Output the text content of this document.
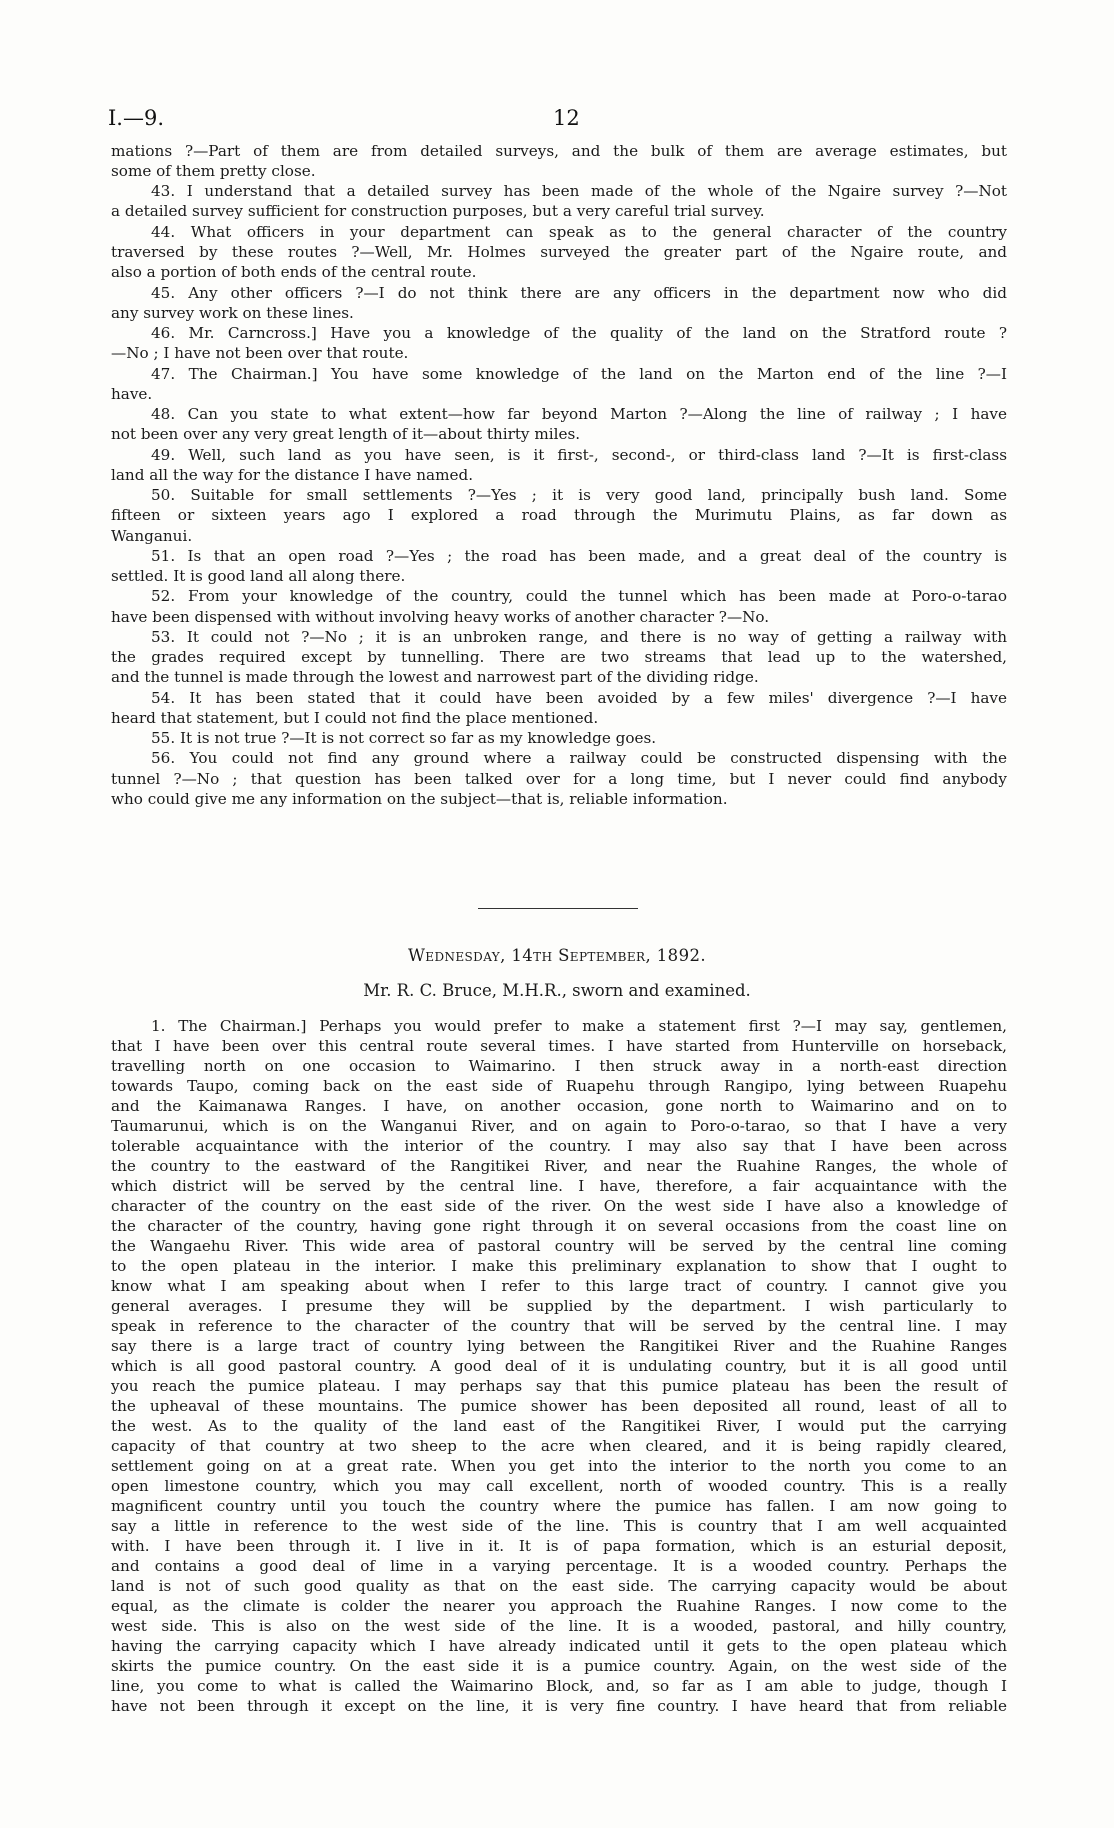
I.—9.	12
mations ?—Part of them are from detailed surveys, and the bulk of them are average estimates, but
some of them pretty close.
43. I understand that a detailed survey has been made of the whole of the Ngaire survey ?—Not
a detailed survey sufficient for construction purposes, but a very careful trial survey.
44. What officers in your department can speak as to the general character of the country
traversed by these routes ?—Well, Mr. Holmes surveyed the greater part of the Ngaire route, and
also a portion of both ends of the central route.
45. Any other officers ?—I do not think there are any officers in the department now who did
any survey work on these lines.
46. Mr. Carncross.] Have you a knowledge of the quality of the land on the Stratford route ?
—No ; I have not been over that route.
47. The Chairman.] You have some knowledge of the land on the Marton end of the line ?—I
have.
48. Can you state to what extent—how far beyond Marton ?—Along the line of railway ; I have
not been over any very great length of it—about thirty miles.
49. Well, such land as you have seen, is it first-, second-, or third-class land ?—It is first-class
land all the way for the distance I have named.
50. Suitable for small settlements ?—Yes ; it is very good land, principally bush land. Some
fifteen or sixteen years ago I explored a road through the Murimutu Plains, as far down as
Wanganui.
51. Is that an open road ?—Yes ; the road has been made, and a great deal of the country is
settled. It is good land all along there.
52. From your knowledge of the country, could the tunnel which has been made at Poro-o-tarao
have been dispensed with without involving heavy works of another character ?—No.
53. It could not ?—No ; it is an unbroken range, and there is no way of getting a railway with
the grades required except by tunnelling. There are two streams that lead up to the watershed,
and the tunnel is made through the lowest and narrowest part of the dividing ridge.
54. It has been stated that it could have been avoided by a few miles' divergence ?—I have
heard that statement, but I could not find the place mentioned.
55. It is not true ?—It is not correct so far as my knowledge goes.
56. You could not find any ground where a railway could be constructed dispensing with the
tunnel ?—No ; that question has been talked over for a long time, but I never could find anybody
who could give me any information on the subject—that is, reliable information.
Wednesday, 14th September, 1892.
Mr. R. C. Bruce, M.H.R., sworn and examined.
1. The Chairman.] Perhaps you would prefer to make a statement first ?—I may say, gentlemen,
that I have been over this central route several times. I have started from Hunterville on horseback,
travelling north on one occasion to Waimarino. I then struck away in a north-east direction
towards Taupo, coming back on the east side of Ruapehu through Rangipo, lying between Ruapehu
and the Kaimanawa Ranges. I have, on another occasion, gone north to Waimarino and on to
Taumarunui, which is on the Wanganui River, and on again to Poro-o-tarao, so that I have a very
tolerable acquaintance with the interior of the country. I may also say that I have been across
the country to the eastward of the Rangitikei River, and near the Ruahine Ranges, the whole of
which district will be served by the central line. I have, therefore, a fair acquaintance with the
character of the country on the east side of the river. On the west side I have also a knowledge of
the character of the country, having gone right through it on several occasions from the coast line on
the Wangaehu River. This wide area of pastoral country will be served by the central line coming
to the open plateau in the interior. I make this preliminary explanation to show that I ought to
know what I am speaking about when I refer to this large tract of country. I cannot give you
general averages. I presume they will be supplied by the department. I wish particularly to
speak in reference to the character of the country that will be served by the central line. I may
say there is a large tract of country lying between the Rangitikei River and the Ruahine Ranges
which is all good pastoral country. A good deal of it is undulating country, but it is all good until
you reach the pumice plateau. I may perhaps say that this pumice plateau has been the result of
the upheaval of these mountains. The pumice shower has been deposited all round, least of all to
the west. As to the quality of the land east of the Rangitikei River, I would put the carrying
capacity of that country at two sheep to the acre when cleared, and it is being rapidly cleared,
settlement going on at a great rate. When you get into the interior to the north you come to an
open limestone country, which you may call excellent, north of wooded country. This is a really
magnificent country until you touch the country where the pumice has fallen. I am now going to
say a little in reference to the west side of the line. This is country that I am well acquainted
with. I have been through it. I live in it. It is of papa formation, which is an esturial deposit,
and contains a good deal of lime in a varying percentage. It is a wooded country. Perhaps the
land is not of such good quality as that on the east side. The carrying capacity would be about
equal, as the climate is colder the nearer you approach the Ruahine Ranges. I now come to the
west side. This is also on the west side of the line. It is a wooded, pastoral, and hilly country,
having the carrying capacity which I have already indicated until it gets to the open plateau which
skirts the pumice country. On the east side it is a pumice country. Again, on the west side of the
line, you come to what is called the Waimarino Block, and, so far as I am able to judge, though I
have not been through it except on the line, it is very fine country. I have heard that from reliable
